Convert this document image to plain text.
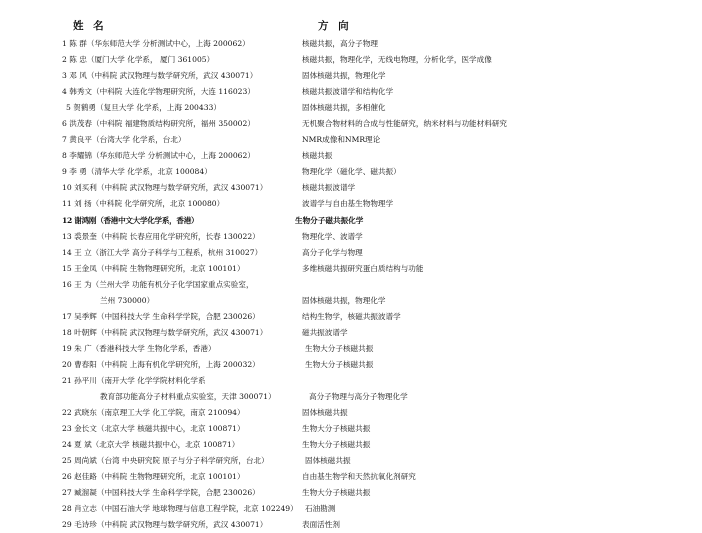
姓 名	方 向
1 陈 群（华东师范大学 分析测试中心，上海 200062）	核磁共振，高分子物理
2 陈 忠（厦门大学 化学系， 厦门 361005）	核磁共振，物理化学，无线电物理，分析化学，医学成像
3 邓 风（中科院 武汉物理与数学研究所，武汉 430071）	固体核磁共振，物理化学
4 韩秀文（中科院 大连化学物理研究所，大连 116023）	核磁共振波谱学和结构化学
5 贺鹤勇（复旦大学 化学系，上海 200433）	固体核磁共振，多相催化
6 洪茂春（中科院 福建物质结构研究所，福州 350002）	无机聚合物材料的合成与性能研究，纳米材料与功能材料研究
7 黄良平（台湾大学 化学系，台北）	NMR成像和NMR理论
8 李耀锦（华东师范大学 分析测试中心，上海 200062）	核磁共振
9 李 勇（清华大学 化学系，北京 100084）	物理化学（磁化学、磁共振）
10 刘买利（中科院 武汉物理与数学研究所，武汉 430071）	核磁共振波谱学
11 刘 扬（中科院 化学研究所，北京 100080）	波谱学与自由基生物物理学
12 谢鸿刚（香港中文大学化学系，香港）	生物分子磁共振化学
13 裘景奎（中科院 长春应用化学研究所，长春 130022）	物理化学、波谱学
14 王 立（浙江大学 高分子科学与工程系，杭州 310027）	高分子化学与物理
15 王金凤（中科院 生物物理研究所，北京 100101）	多维核磁共振研究蛋白质结构与功能
16 王 为（兰州大学 功能有机分子化学国家重点实验室，
兰州 730000）	固体核磁共振，物理化学
17 吴季辉（中国科技大学 生命科学学院，合肥 230026）	结构生物学，核磁共振波谱学
18 叶朝辉（中科院 武汉物理与数学研究所，武汉 430071）	磁共振波谱学
19 朱 广（香港科技大学 生物化学系，香港）	生物大分子核磁共振
20 曹春阳（中科院 上海有机化学研究所，上海 200032）	生物大分子核磁共振
21 孙平川（南开大学 化学学院材料化学系
教育部功能高分子材料重点实验室，天津 300071）	高分子物理与高分子物理化学
22 武晓东（南京理工大学 化工学院，南京 210094）	固体核磁共振
23 金长文（北京大学 核磁共振中心，北京 100871）	生物大分子核磁共振
24 夏 斌（北京大学 核磁共振中心，北京 100871）	生物大分子核磁共振
25 周尚斌（台湾 中央研究院 原子与分子科学研究所，台北）	固体核磁共振
26 赵佳路（中科院 生物物理研究所，北京 100101）	自由基生物学和天然抗氧化剂研究
27 臧溜凝（中国科技大学 生命科学学院，合肥 230026）	生物大分子核磁共振
28 肖立志（中国石油大学 地球物理与信息工程学院，北京 102249） 石油勘测
29 毛诗珍（中科院 武汉物理与数学研究所，武汉 430071）	表面活性剂
